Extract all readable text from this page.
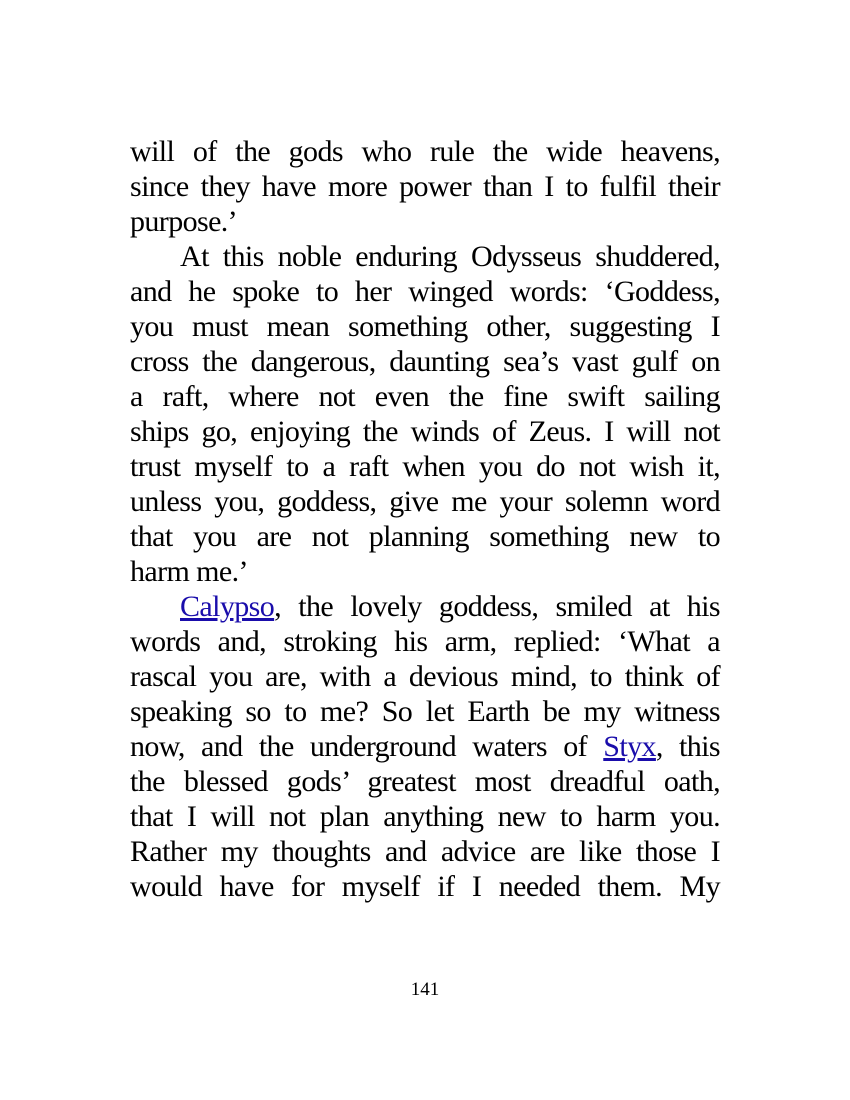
will of the gods who rule the wide heavens,
since they have more power than I to fulfil their
purpose.’
At this noble enduring Odysseus shuddered,
and he spoke to her winged words: ‘Goddess,
you must mean something other, suggesting I
cross the dangerous, daunting sea’s vast gulf on
a raft, where not even the fine swift sailing
ships go, enjoying the winds of Zeus. I will not
trust myself to a raft when you do not wish it,
unless you, goddess, give me your solemn word
that you are not planning something new to
harm me.’
Calypso, the lovely goddess, smiled at his
words and, stroking his arm, replied: ‘What a
rascal you are, with a devious mind, to think of
speaking so to me? So let Earth be my witness
now, and the underground waters of Styx, this
the blessed gods’ greatest most dreadful oath,
that I will not plan anything new to harm you.
Rather my thoughts and advice are like those I
would have for myself if I needed them. My
141
